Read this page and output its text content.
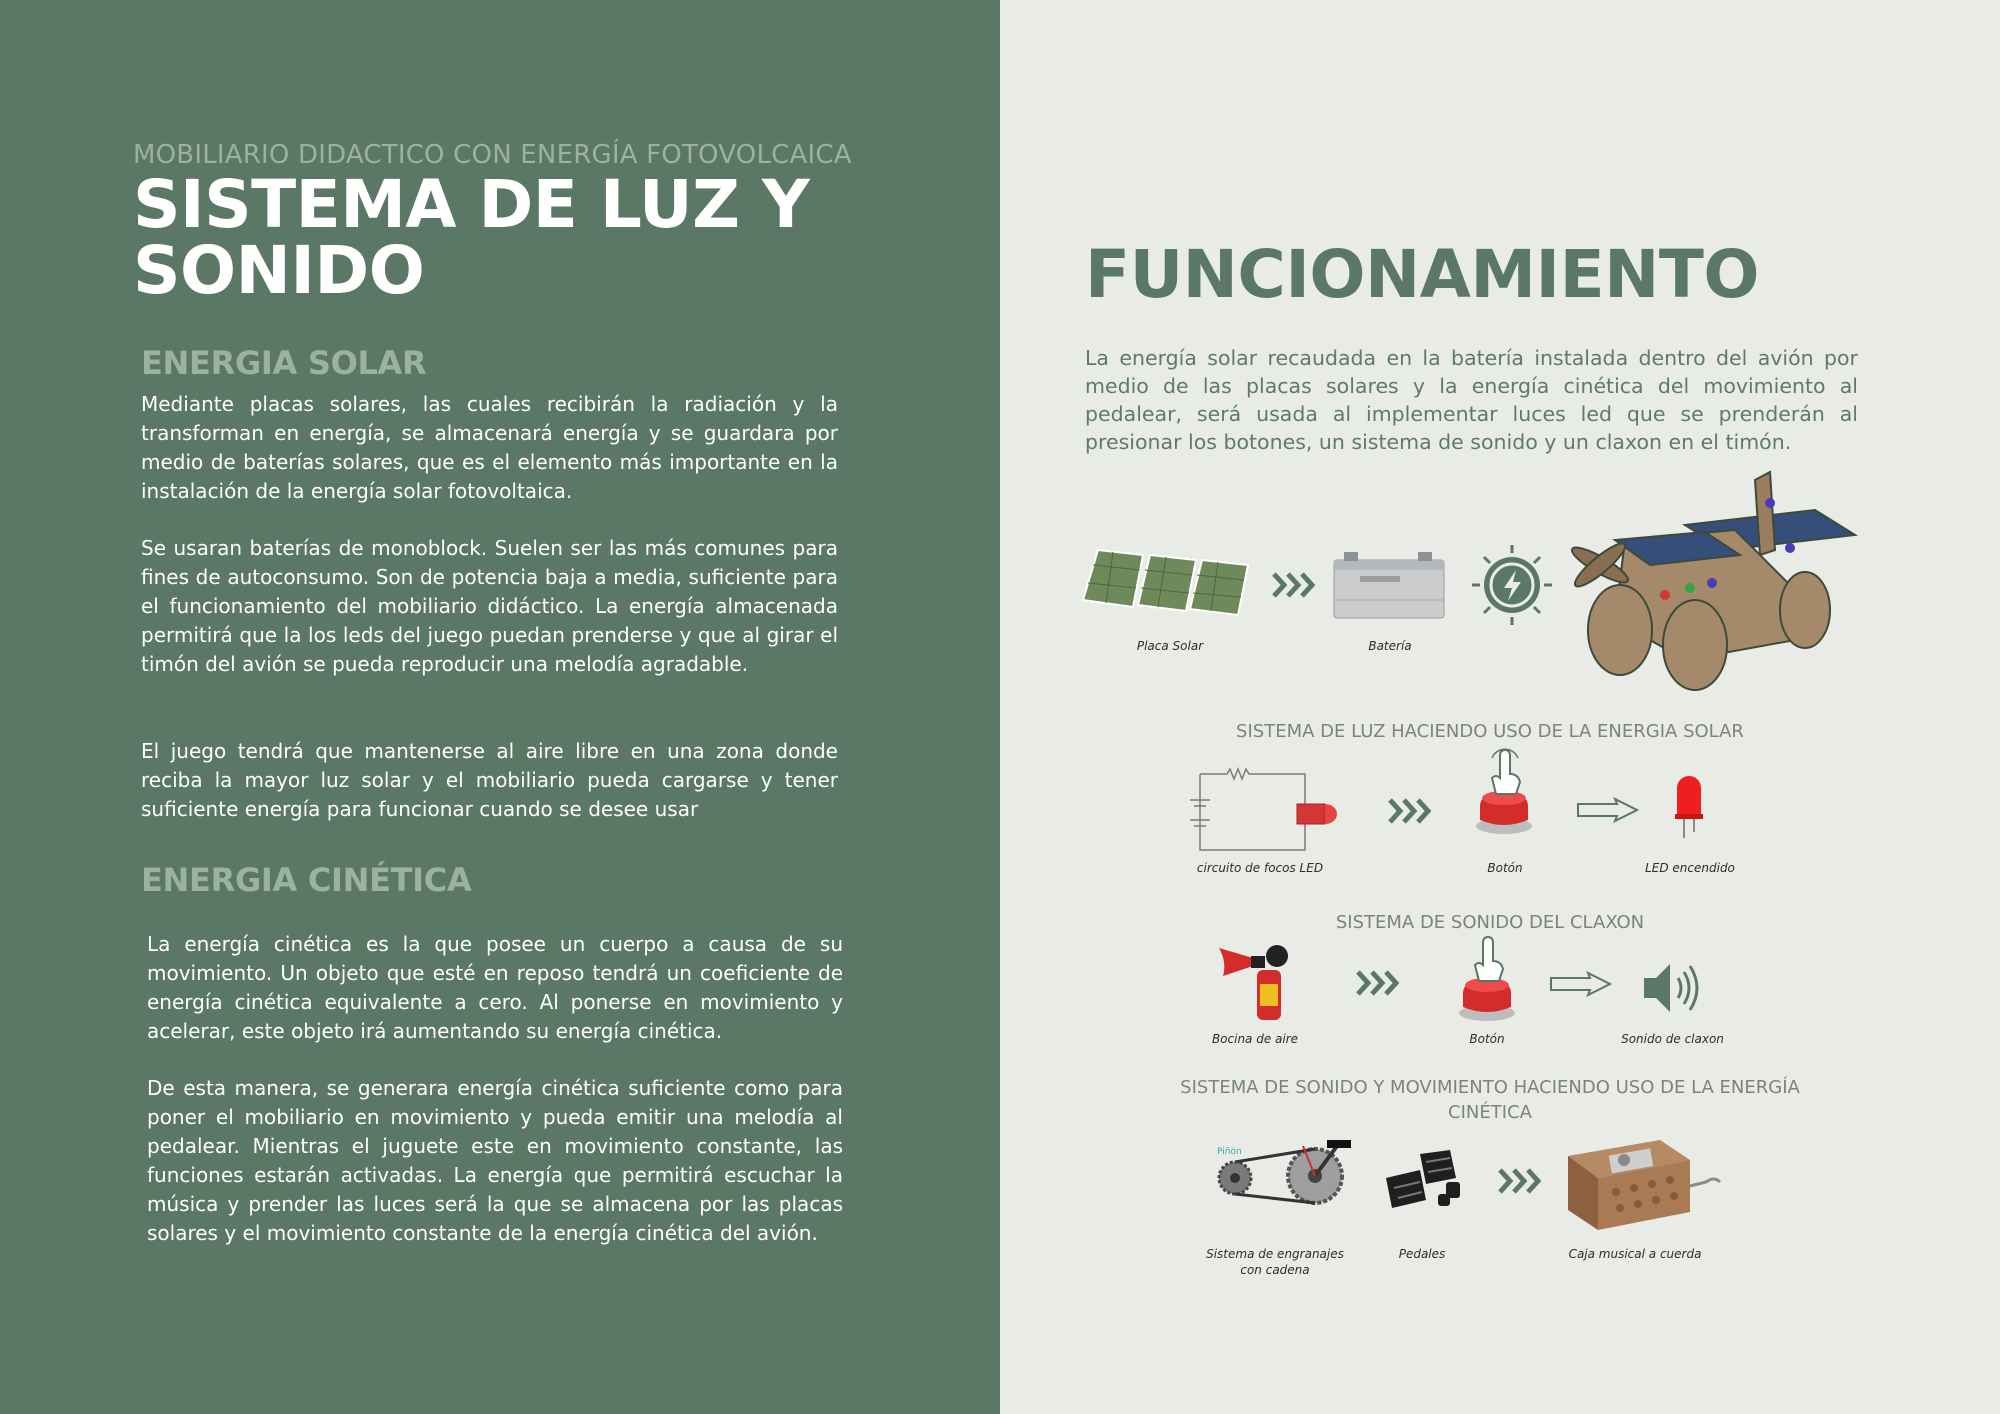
MOBILIARIO DIDACTICO CON ENERGÍA FOTOVOLCAICA
SISTEMA DE LUZ Y
SONIDO
ENERGIA SOLAR
Mediante placas solares, las cuales recibirán la radiación y la transforman en energía, se almacenará energía y se guardara por medio de baterías solares, que es el elemento más importante en la instalación de la energía solar fotovoltaica.
Se usaran baterías de monoblock. Suelen ser las más comunes para fines de autoconsumo. Son de potencia baja a media, suficiente para el funcionamiento del mobiliario didáctico. La energía almacenada permitirá que la los leds del juego puedan prenderse y que al girar el timón del avión se pueda reproducir una melodía agradable.
El juego tendrá que mantenerse al aire libre en una zona donde reciba la mayor luz solar y el mobiliario pueda cargarse y tener suficiente energía para funcionar cuando se desee usar
ENERGIA CINÉTICA
La energía cinética es la que posee un cuerpo a causa de su movimiento. Un objeto que esté en reposo tendrá un coeficiente de energía cinética equivalente a cero. Al ponerse en movimiento y acelerar, este objeto irá aumentando su energía cinética.
De esta manera, se generara energía cinética suficiente como para poner el mobiliario en movimiento y pueda emitir una melodía al pedalear. Mientras el juguete este en movimiento constante, las funciones estarán activadas. La energía que permitirá escuchar la música y prender las luces será la que se almacena por las placas solares y el movimiento constante de la energía cinética del avión.
FUNCIONAMIENTO
La energía solar recaudada en la batería instalada dentro del avión por medio de las placas solares y la energía cinética del movimiento al pedalear, será usada al implementar luces led que se prenderán al presionar los botones, un sistema de sonido y un claxon en el timón.
Placa Solar	Batería
SISTEMA DE LUZ HACIENDO USO DE LA ENERGIA SOLAR
circuito de focos LED	Botón	LED encendido
SISTEMA DE SONIDO DEL CLAXON
Bocina de aire	Botón	Sonido de claxon
SISTEMA DE SONIDO Y MOVIMIENTO HACIENDO USO DE LA ENERGÍA CINÉTICA
Piñón
Sistema de engranajes
con cadena
Pedales	Caja musical a cuerda
